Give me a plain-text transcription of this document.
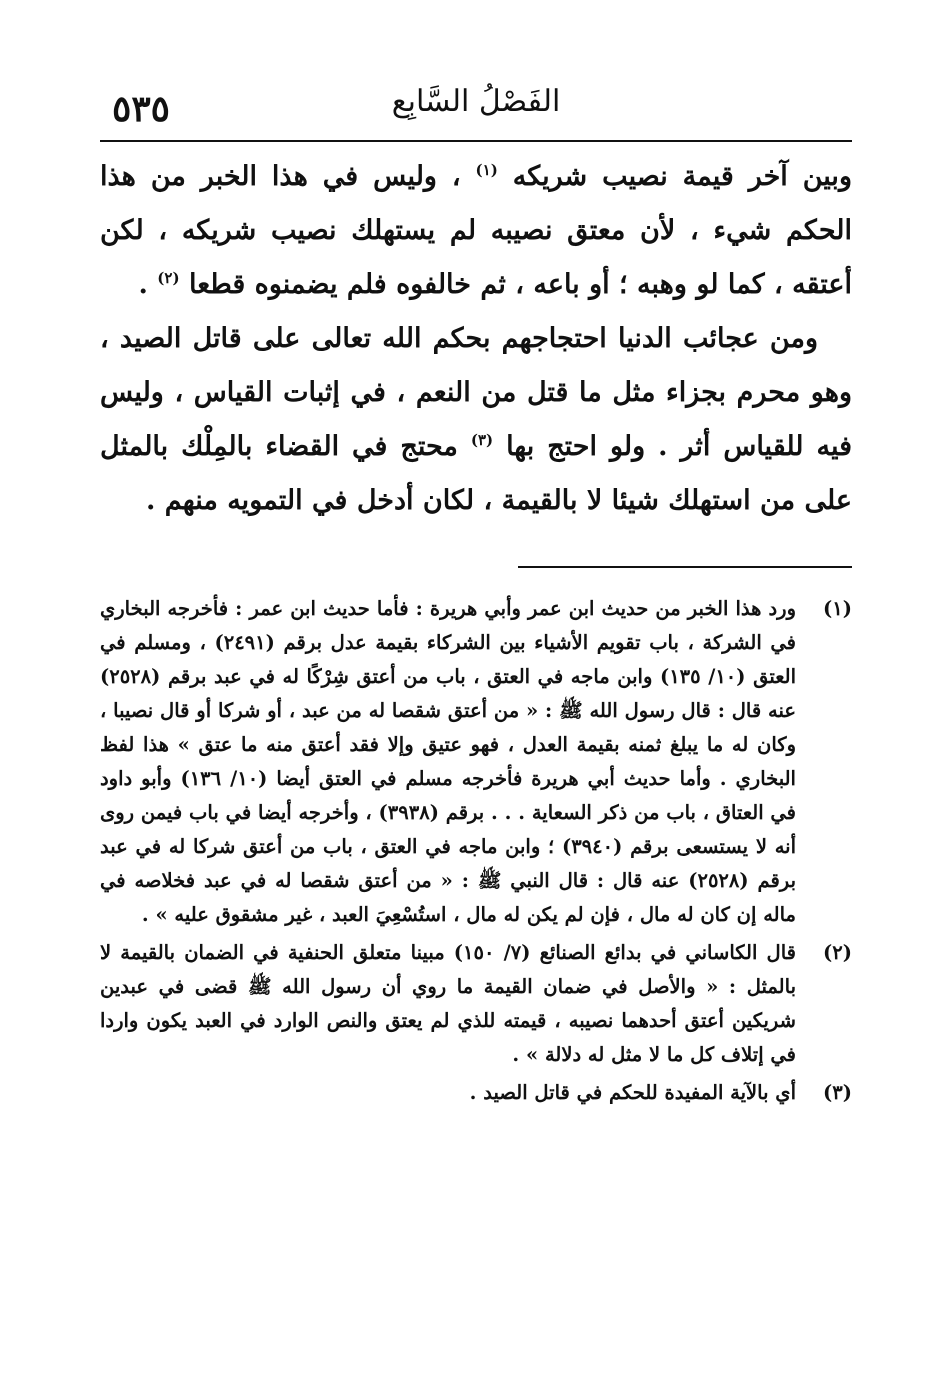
٥٣٥	الفَصْلُ السَّابِع

وبين آخر قيمة نصيب شريكه $^{(١)}$ ، وليس في هذا الخبر من هذا الحكم شيء ، لأن معتق نصيبه لم يستهلك نصيب شريكه ، لكن أعتقه ، كما لو وهبه ؛ أو باعه ، ثم خالفوه فلم يضمنوه قطعا $^{(٢)}$ .

ومن عجائب الدنيا احتجاجهم بحكم الله تعالى على قاتل الصيد ، وهو محرم بجزاء مثل ما قتل من النعم ، في إثبات القياس ، وليس فيه للقياس أثر . ولو احتج بها $^{(٣)}$ محتج في القضاء بالمِلْك بالمثل على من استهلك شيئا لا بالقيمة ، لكان أدخل في التمويه منهم .

(١)
ورد هذا الخبر من حديث ابن عمر وأبي هريرة : فأما حديث ابن عمر : فأخرجه البخاري في الشركة ، باب تقويم الأشياء بين الشركاء بقيمة عدل برقم (٢٤٩١) ، ومسلم في العتق (١٠/ ١٣٥) وابن ماجه في العتق ، باب من أعتق شِرْكًا له في عبد برقم (٢٥٢٨) عنه قال : قال رسول الله ﷺ : « من أعتق شقصا له من عبد ، أو شركا أو قال نصيبا ، وكان له ما يبلغ ثمنه بقيمة العدل ، فهو عتيق وإلا فقد أعتق منه ما عتق » هذا لفظ البخاري . وأما حديث أبي هريرة فأخرجه مسلم في العتق أيضا (١٠/ ١٣٦) وأبو داود في العتاق ، باب من ذكر السعاية . . . برقم (٣٩٣٨) ، وأخرجه أيضا في باب فيمن روى أنه لا يستسعى برقم (٣٩٤٠) ؛ وابن ماجه في العتق ، باب من أعتق شركا له في عبد برقم (٢٥٢٨) عنه قال : قال النبي ﷺ : « من أعتق شقصا له في عبد فخلاصه في ماله إن كان له مال ، فإن لم يكن له مال ، استُسْعِيَ العبد ، غير مشقوق عليه » .
(٢)
قال الكاساني في بدائع الصنائع (٧/ ١٥٠) مبينا متعلق الحنفية في الضمان بالقيمة لا بالمثل : « والأصل في ضمان القيمة ما روي أن رسول الله ﷺ قضى في عبدين شريكين أعتق أحدهما نصيبه ، قيمته للذي لم يعتق والنص الوارد في العبد يكون واردا في إتلاف كل ما لا مثل له دلالة » .
(٣)
أي بالآية المفيدة للحكم في قاتل الصيد .
